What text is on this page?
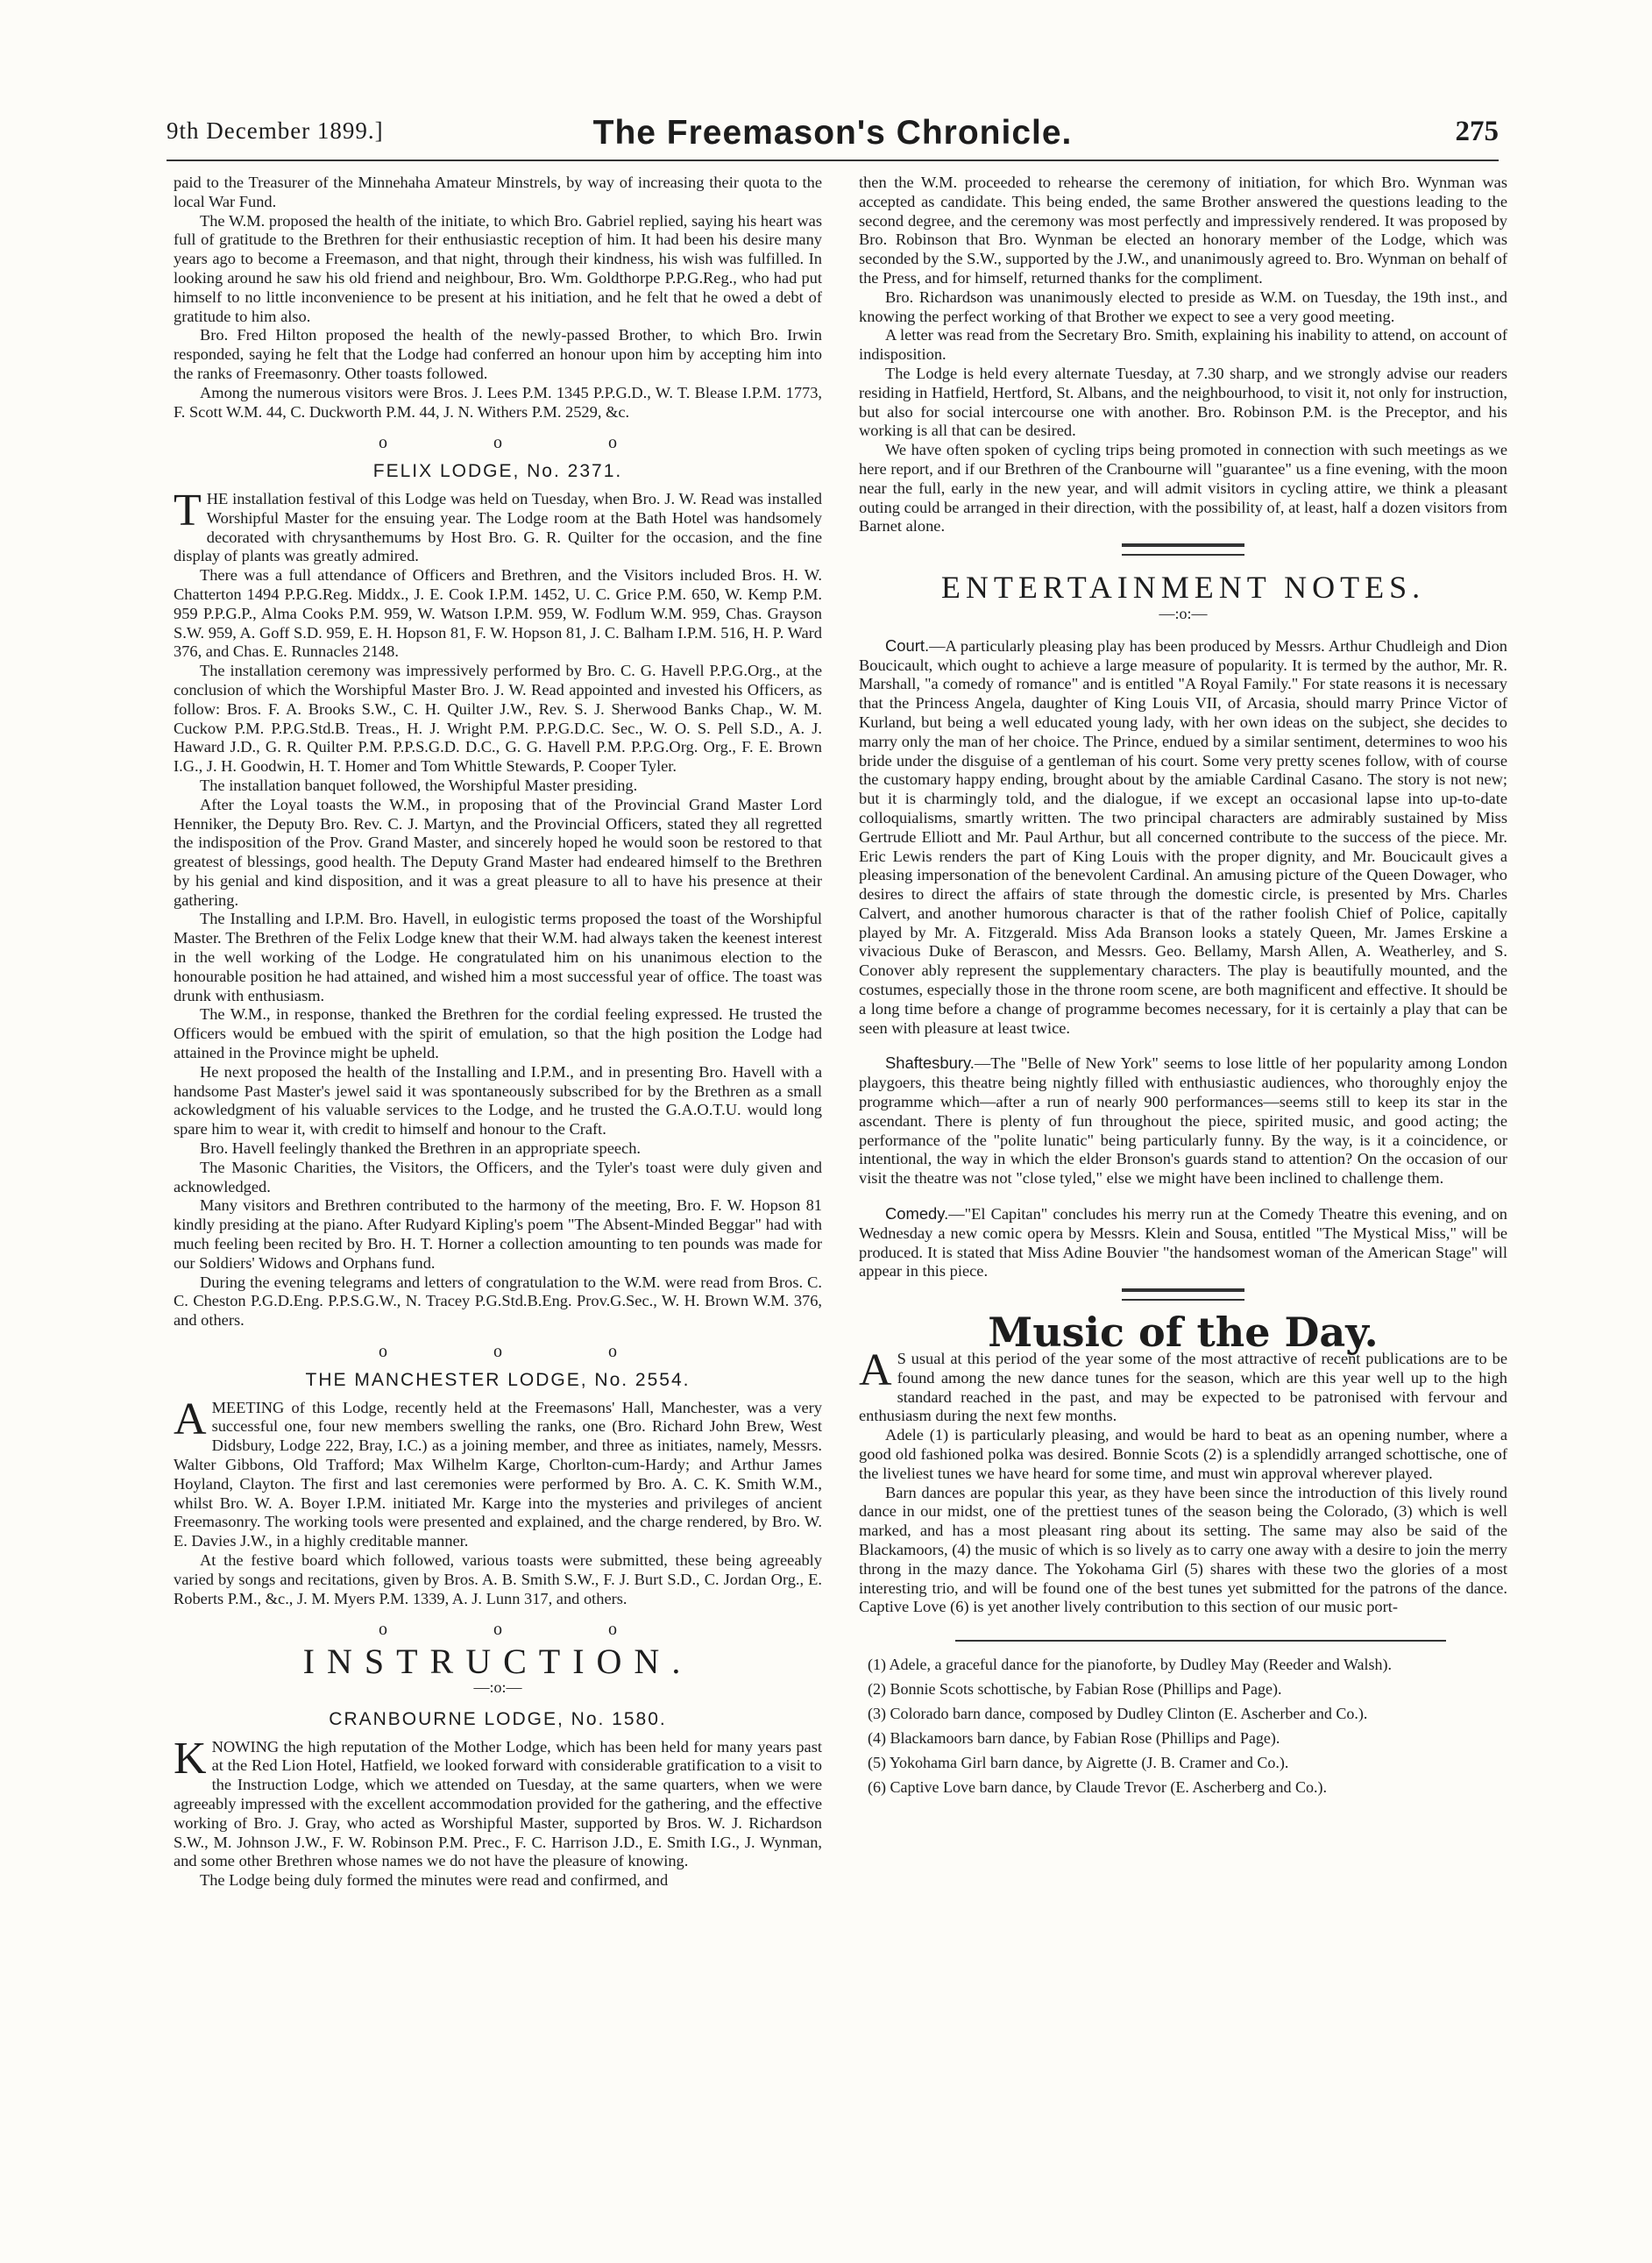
9th December 1899.]	The Freemason's Chronicle.	275

paid to the Treasurer of the Minnehaha Amateur Minstrels, by way of increasing their quota to the local War Fund.

The W.M. proposed the health of the initiate, to which Bro. Gabriel replied, saying his heart was full of gratitude to the Brethren for their enthusiastic reception of him. It had been his desire many years ago to become a Freemason, and that night, through their kindness, his wish was fulfilled. In looking around he saw his old friend and neighbour, Bro. Wm. Goldthorpe P.P.G.Reg., who had put himself to no little inconvenience to be present at his initiation, and he felt that he owed a debt of gratitude to him also.

Bro. Fred Hilton proposed the health of the newly-passed Brother, to which Bro. Irwin responded, saying he felt that the Lodge had conferred an honour upon him by accepting him into the ranks of Freemasonry. Other toasts followed.

Among the numerous visitors were Bros. J. Lees P.M. 1345 P.P.G.D., W. T. Blease I.P.M. 1773, F. Scott W.M. 44, C. Duckworth P.M. 44, J. N. Withers P.M. 2529, &c.

o o o
FELIX LODGE, No. 2371.

THE installation festival of this Lodge was held on Tuesday, when Bro. J. W. Read was installed Worshipful Master for the ensuing year. The Lodge room at the Bath Hotel was handsomely decorated with chrysanthemums by Host Bro. G. R. Quilter for the occasion, and the fine display of plants was greatly admired.

There was a full attendance of Officers and Brethren, and the Visitors included Bros. H. W. Chatterton 1494 P.P.G.Reg. Middx., J. E. Cook I.P.M. 1452, U. C. Grice P.M. 650, W. Kemp P.M. 959 P.P.G.P., Alma Cooks P.M. 959, W. Watson I.P.M. 959, W. Fodlum W.M. 959, Chas. Grayson S.W. 959, A. Goff S.D. 959, E. H. Hopson 81, F. W. Hopson 81, J. C. Balham I.P.M. 516, H. P. Ward 376, and Chas. E. Runnacles 2148.

The installation ceremony was impressively performed by Bro. C. G. Havell P.P.G.Org., at the conclusion of which the Worshipful Master Bro. J. W. Read appointed and invested his Officers, as follow: Bros. F. A. Brooks S.W., C. H. Quilter J.W., Rev. S. J. Sherwood Banks Chap., W. M. Cuckow P.M. P.P.G.Std.B. Treas., H. J. Wright P.M. P.P.G.D.C. Sec., W. O. S. Pell S.D., A. J. Haward J.D., G. R. Quilter P.M. P.P.S.G.D. D.C., G. G. Havell P.M. P.P.G.Org. Org., F. E. Brown I.G., J. H. Goodwin, H. T. Homer and Tom Whittle Stewards, P. Cooper Tyler.

The installation banquet followed, the Worshipful Master presiding.

After the Loyal toasts the W.M., in proposing that of the Provincial Grand Master Lord Henniker, the Deputy Bro. Rev. C. J. Martyn, and the Provincial Officers, stated they all regretted the indisposition of the Prov. Grand Master, and sincerely hoped he would soon be restored to that greatest of blessings, good health. The Deputy Grand Master had endeared himself to the Brethren by his genial and kind disposition, and it was a great pleasure to all to have his presence at their gathering.

The Installing and I.P.M. Bro. Havell, in eulogistic terms proposed the toast of the Worshipful Master. The Brethren of the Felix Lodge knew that their W.M. had always taken the keenest interest in the well working of the Lodge. He congratulated him on his unanimous election to the honourable position he had attained, and wished him a most successful year of office. The toast was drunk with enthusiasm.

The W.M., in response, thanked the Brethren for the cordial feeling expressed. He trusted the Officers would be embued with the spirit of emulation, so that the high position the Lodge had attained in the Province might be upheld.

He next proposed the health of the Installing and I.P.M., and in presenting Bro. Havell with a handsome Past Master's jewel said it was spontaneously subscribed for by the Brethren as a small ackowledgment of his valuable services to the Lodge, and he trusted the G.A.O.T.U. would long spare him to wear it, with credit to himself and honour to the Craft.

Bro. Havell feelingly thanked the Brethren in an appropriate speech.

The Masonic Charities, the Visitors, the Officers, and the Tyler's toast were duly given and acknowledged.

Many visitors and Brethren contributed to the harmony of the meeting, Bro. F. W. Hopson 81 kindly presiding at the piano. After Rudyard Kipling's poem "The Absent-Minded Beggar" had with much feeling been recited by Bro. H. T. Horner a collection amounting to ten pounds was made for our Soldiers' Widows and Orphans fund.

During the evening telegrams and letters of congratulation to the W.M. were read from Bros. C. C. Cheston P.G.D.Eng. P.P.S.G.W., N. Tracey P.G.Std.B.Eng. Prov.G.Sec., W. H. Brown W.M. 376, and others.

o o o
THE MANCHESTER LODGE, No. 2554.

AMEETING of this Lodge, recently held at the Freemasons' Hall, Manchester, was a very successful one, four new members swelling the ranks, one (Bro. Richard John Brew, West Didsbury, Lodge 222, Bray, I.C.) as a joining member, and three as initiates, namely, Messrs. Walter Gibbons, Old Trafford; Max Wilhelm Karge, Chorlton-cum-Hardy; and Arthur James Hoyland, Clayton. The first and last ceremonies were performed by Bro. A. C. K. Smith W.M., whilst Bro. W. A. Boyer I.P.M. initiated Mr. Karge into the mysteries and privileges of ancient Freemasonry. The working tools were presented and explained, and the charge rendered, by Bro. W. E. Davies J.W., in a highly creditable manner.

At the festive board which followed, various toasts were submitted, these being agreeably varied by songs and recitations, given by Bros. A. B. Smith S.W., F. J. Burt S.D., C. Jordan Org., E. Roberts P.M., &c., J. M. Myers P.M. 1339, A. J. Lunn 317, and others.

o o o
INSTRUCTION.
—:o:—
CRANBOURNE LODGE, No. 1580.

KNOWING the high reputation of the Mother Lodge, which has been held for many years past at the Red Lion Hotel, Hatfield, we looked forward with considerable gratification to a visit to the Instruction Lodge, which we attended on Tuesday, at the same quarters, when we were agreeably impressed with the excellent accommodation provided for the gathering, and the effective working of Bro. J. Gray, who acted as Worshipful Master, supported by Bros. W. J. Richardson S.W., M. Johnson J.W., F. W. Robinson P.M. Prec., F. C. Harrison J.D., E. Smith I.G., J. Wynman, and some other Brethren whose names we do not have the pleasure of knowing.

The Lodge being duly formed the minutes were read and confirmed, and

then the W.M. proceeded to rehearse the ceremony of initiation, for which Bro. Wynman was accepted as candidate. This being ended, the same Brother answered the questions leading to the second degree, and the ceremony was most perfectly and impressively rendered. It was proposed by Bro. Robinson that Bro. Wynman be elected an honorary member of the Lodge, which was seconded by the S.W., supported by the J.W., and unanimously agreed to. Bro. Wynman on behalf of the Press, and for himself, returned thanks for the compliment.

Bro. Richardson was unanimously elected to preside as W.M. on Tuesday, the 19th inst., and knowing the perfect working of that Brother we expect to see a very good meeting.

A letter was read from the Secretary Bro. Smith, explaining his inability to attend, on account of indisposition.

The Lodge is held every alternate Tuesday, at 7.30 sharp, and we strongly advise our readers residing in Hatfield, Hertford, St. Albans, and the neighbourhood, to visit it, not only for instruction, but also for social intercourse one with another. Bro. Robinson P.M. is the Preceptor, and his working is all that can be desired.

We have often spoken of cycling trips being promoted in connection with such meetings as we here report, and if our Brethren of the Cranbourne will "guarantee" us a fine evening, with the moon near the full, early in the new year, and will admit visitors in cycling attire, we think a pleasant outing could be arranged in their direction, with the possibility of, at least, half a dozen visitors from Barnet alone.

ENTERTAINMENT NOTES.
—:o:—

Court.—A particularly pleasing play has been produced by Messrs. Arthur Chudleigh and Dion Boucicault, which ought to achieve a large measure of popularity. It is termed by the author, Mr. R. Marshall, "a comedy of romance" and is entitled "A Royal Family." For state reasons it is necessary that the Princess Angela, daughter of King Louis VII, of Arcasia, should marry Prince Victor of Kurland, but being a well educated young lady, with her own ideas on the subject, she decides to marry only the man of her choice. The Prince, endued by a similar sentiment, determines to woo his bride under the disguise of a gentleman of his court. Some very pretty scenes follow, with of course the customary happy ending, brought about by the amiable Cardinal Casano. The story is not new; but it is charmingly told, and the dialogue, if we except an occasional lapse into up-to-date colloquialisms, smartly written. The two principal characters are admirably sustained by Miss Gertrude Elliott and Mr. Paul Arthur, but all concerned contribute to the success of the piece. Mr. Eric Lewis renders the part of King Louis with the proper dignity, and Mr. Boucicault gives a pleasing impersonation of the benevolent Cardinal. An amusing picture of the Queen Dowager, who desires to direct the affairs of state through the domestic circle, is presented by Mrs. Charles Calvert, and another humorous character is that of the rather foolish Chief of Police, capitally played by Mr. A. Fitzgerald. Miss Ada Branson looks a stately Queen, Mr. James Erskine a vivacious Duke of Berascon, and Messrs. Geo. Bellamy, Marsh Allen, A. Weatherley, and S. Conover ably represent the supplementary characters. The play is beautifully mounted, and the costumes, especially those in the throne room scene, are both magnificent and effective. It should be a long time before a change of programme becomes necessary, for it is certainly a play that can be seen with pleasure at least twice.

Shaftesbury.—The "Belle of New York" seems to lose little of her popularity among London playgoers, this theatre being nightly filled with enthusiastic audiences, who thoroughly enjoy the programme which—after a run of nearly 900 performances—seems still to keep its star in the ascendant. There is plenty of fun throughout the piece, spirited music, and good acting; the performance of the "polite lunatic" being particularly funny. By the way, is it a coincidence, or intentional, the way in which the elder Bronson's guards stand to attention? On the occasion of our visit the theatre was not "close tyled," else we might have been inclined to challenge them.

Comedy.—"El Capitan" concludes his merry run at the Comedy Theatre this evening, and on Wednesday a new comic opera by Messrs. Klein and Sousa, entitled "The Mystical Miss," will be produced. It is stated that Miss Adine Bouvier "the handsomest woman of the American Stage" will appear in this piece.

Music of the Day.

A S usual at this period of the year some of the most attractive of recent publications are to be found among the new dance tunes for the season, which are this year well up to the high standard reached in the past, and may be expected to be patronised with fervour and enthusiasm during the next few months.

Adele (1) is particularly pleasing, and would be hard to beat as an opening number, where a good old fashioned polka was desired. Bonnie Scots (2) is a splendidly arranged schottische, one of the liveliest tunes we have heard for some time, and must win approval wherever played.

Barn dances are popular this year, as they have been since the introduction of this lively round dance in our midst, one of the prettiest tunes of the season being the Colorado, (3) which is well marked, and has a most pleasant ring about its setting. The same may also be said of the Blackamoors, (4) the music of which is so lively as to carry one away with a desire to join the merry throng in the mazy dance. The Yokohama Girl (5) shares with these two the glories of a most interesting trio, and will be found one of the best tunes yet submitted for the patrons of the dance. Captive Love (6) is yet another lively contribution to this section of our music port-

(1) Adele, a graceful dance for the pianoforte, by Dudley May (Reeder and Walsh).

(2) Bonnie Scots schottische, by Fabian Rose (Phillips and Page).

(3) Colorado barn dance, composed by Dudley Clinton (E. Ascherber and Co.).

(4) Blackamoors barn dance, by Fabian Rose (Phillips and Page).

(5) Yokohama Girl barn dance, by Aigrette (J. B. Cramer and Co.).

(6) Captive Love barn dance, by Claude Trevor (E. Ascherberg and Co.).
